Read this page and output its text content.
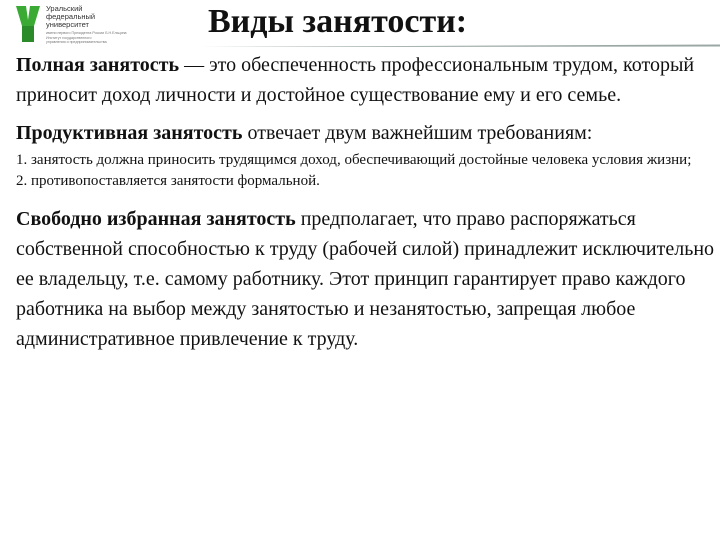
Уральский
федеральный
университет
имени первого Президента России Б.Н.Ельцина
Институт государственного
управления и предпринимательства
Виды занятости:

Полная занятость — это обеспеченность профессиональным трудом, который приносит доход личности и достойное существование ему и его семье.

Продуктивная занятость отвечает двум важнейшим требованиям:

1. занятость должна приносить трудящимся доход, обеспечивающий достойные человека условия жизни;
2. противопоставляется занятости формальной.

Свободно избранная занятость предполагает, что право распоряжаться собственной способностью к труду (рабочей силой) принадлежит исключительно ее владельцу, т.е. самому работнику. Этот принцип гарантирует право каждого работника на выбор между занятостью и незанятостью, запрещая любое административное привлечение к труду.
